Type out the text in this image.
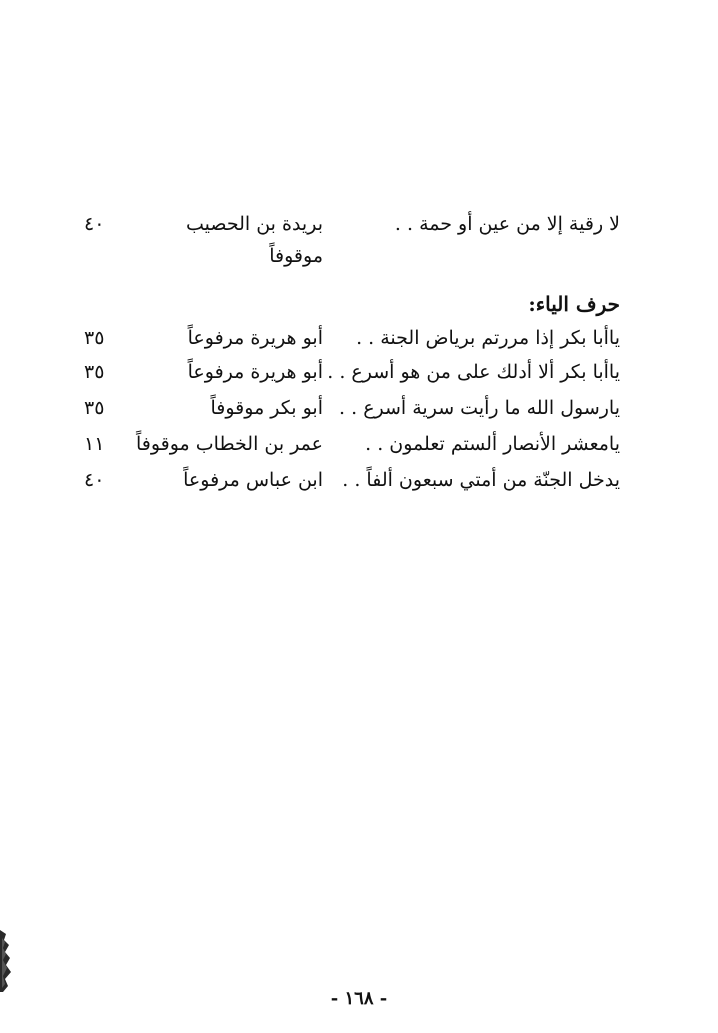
لا رقية إلا من عين أو حمة . .
بريدة بن الحصيب
٤٠
موقوفاً
حرف الياء:
ياأبا بكر إذا مررتم برياض الجنة . .
أبو هريرة مرفوعاً
٣٥
ياأبا بكر ألا أدلك على من هو أسرع . .
أبو هريرة مرفوعاً
٣٥
يارسول الله ما رأيت سرية أسرع . .
أبو بكر موقوفاً
٣٥
يامعشر الأنصار ألستم تعلمون . .
عمر بن الخطاب موقوفاً
١١
يدخل الجنّة من أمتي سبعون ألفاً . .
ابن عباس مرفوعاً
٤٠
- ١٦٨ -
